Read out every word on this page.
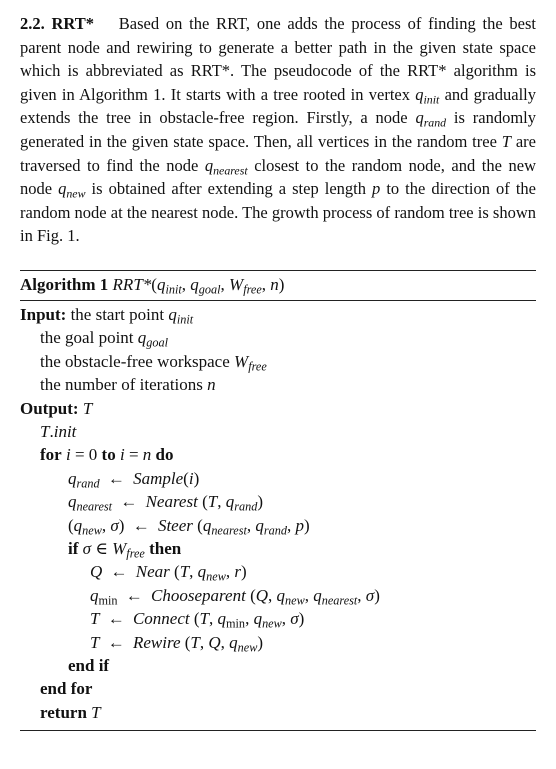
2.2. RRT* Based on the RRT, one adds the process of finding the best parent node and rewiring to generate a better path in the given state space which is abbreviated as RRT*. The pseudocode of the RRT* algorithm is given in Algorithm 1. It starts with a tree rooted in vertex $q_{init}$ and gradually extends the tree in obstacle-free region. Firstly, a node $q_{rand}$ is randomly generated in the given state space. Then, all vertices in the random tree T are traversed to find the node $q_{nearest}$ closest to the random node, and the new node $q_{new}$ is obtained after extending a step length p to the direction of the random node at the nearest node. The growth process of random tree is shown in Fig. 1.

Algorithm 1 $RRT*(q_{init}$, $q_{goal}$, $W_{free}$, n)
Input: the start point $q_{init}$
the goal point $q_{goal}$
the obstacle-free workspace $W_{free}$
the number of iterations n
Output: T
T.init
for i = 0 to i = n do
$q_{rand}$ ← Sample(i)
$q_{nearest}$ ← Nearest (T, $q_{rand}$)
($q_{new}$, σ) ← Steer ($q_{nearest}$, $q_{rand}$, p)
if σ ∈ $W_{free}$ then
Q ← Near (T, $q_{new}$, r)
$q_{min}$ ← Chooseparent (Q, $q_{new}$, $q_{nearest}$, σ)
T ← Connect (T, $q_{min}$, $q_{new}$, σ)
T ← Rewire (T, Q, $q_{new}$)
end if
end for
return T
